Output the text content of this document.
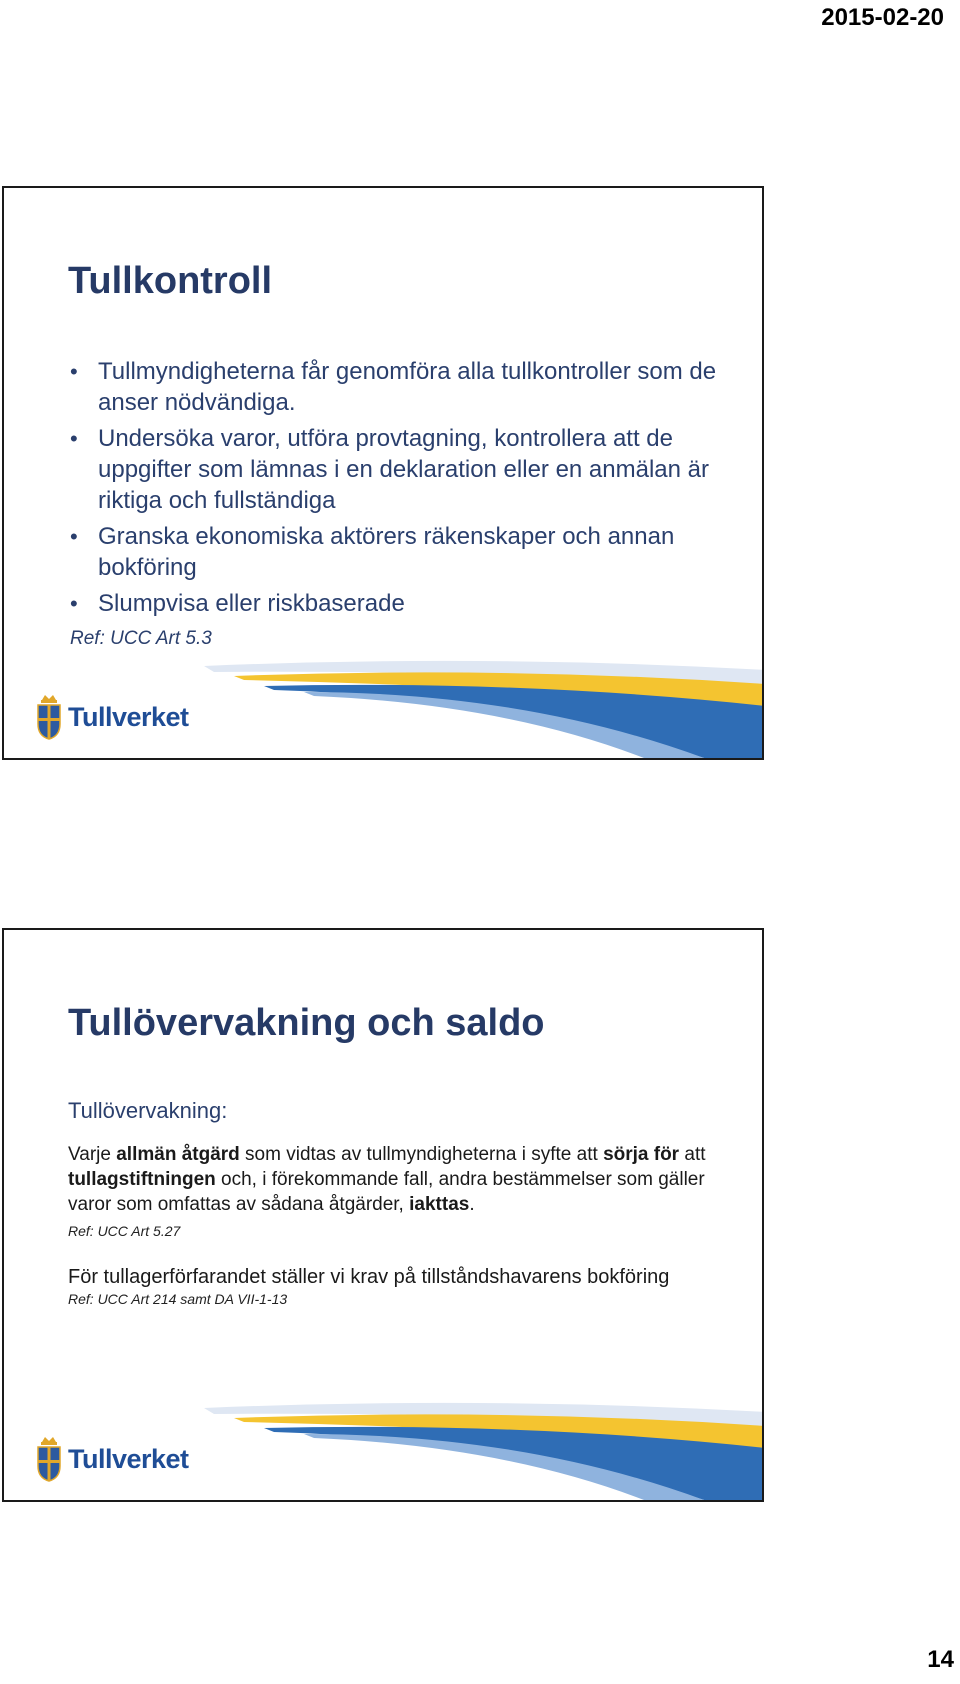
2015-02-20
Tullkontroll
• Tullmyndigheterna får genomföra alla tullkontroller som de anser nödvändiga.
• Undersöka varor, utföra provtagning, kontrollera att de uppgifter som lämnas i en deklaration eller en anmälan är riktiga och fullständiga
• Granska ekonomiska aktörers räkenskaper och annan bokföring
• Slumpvisa eller riskbaserade
Ref: UCC Art 5.3
Tullverket
Tullövervakning och saldo
Tullövervakning:
Varje allmän åtgärd som vidtas av tullmyndigheterna i syfte att sörja för att tullagstiftningen och, i förekommande fall, andra bestämmelser som gäller varor som omfattas av sådana åtgärder, iakttas.
Ref: UCC Art 5.27
För tullagerförfarandet ställer vi krav på tillståndshavarens bokföring
Ref: UCC Art 214 samt DA VII-1-13
Tullverket
14
